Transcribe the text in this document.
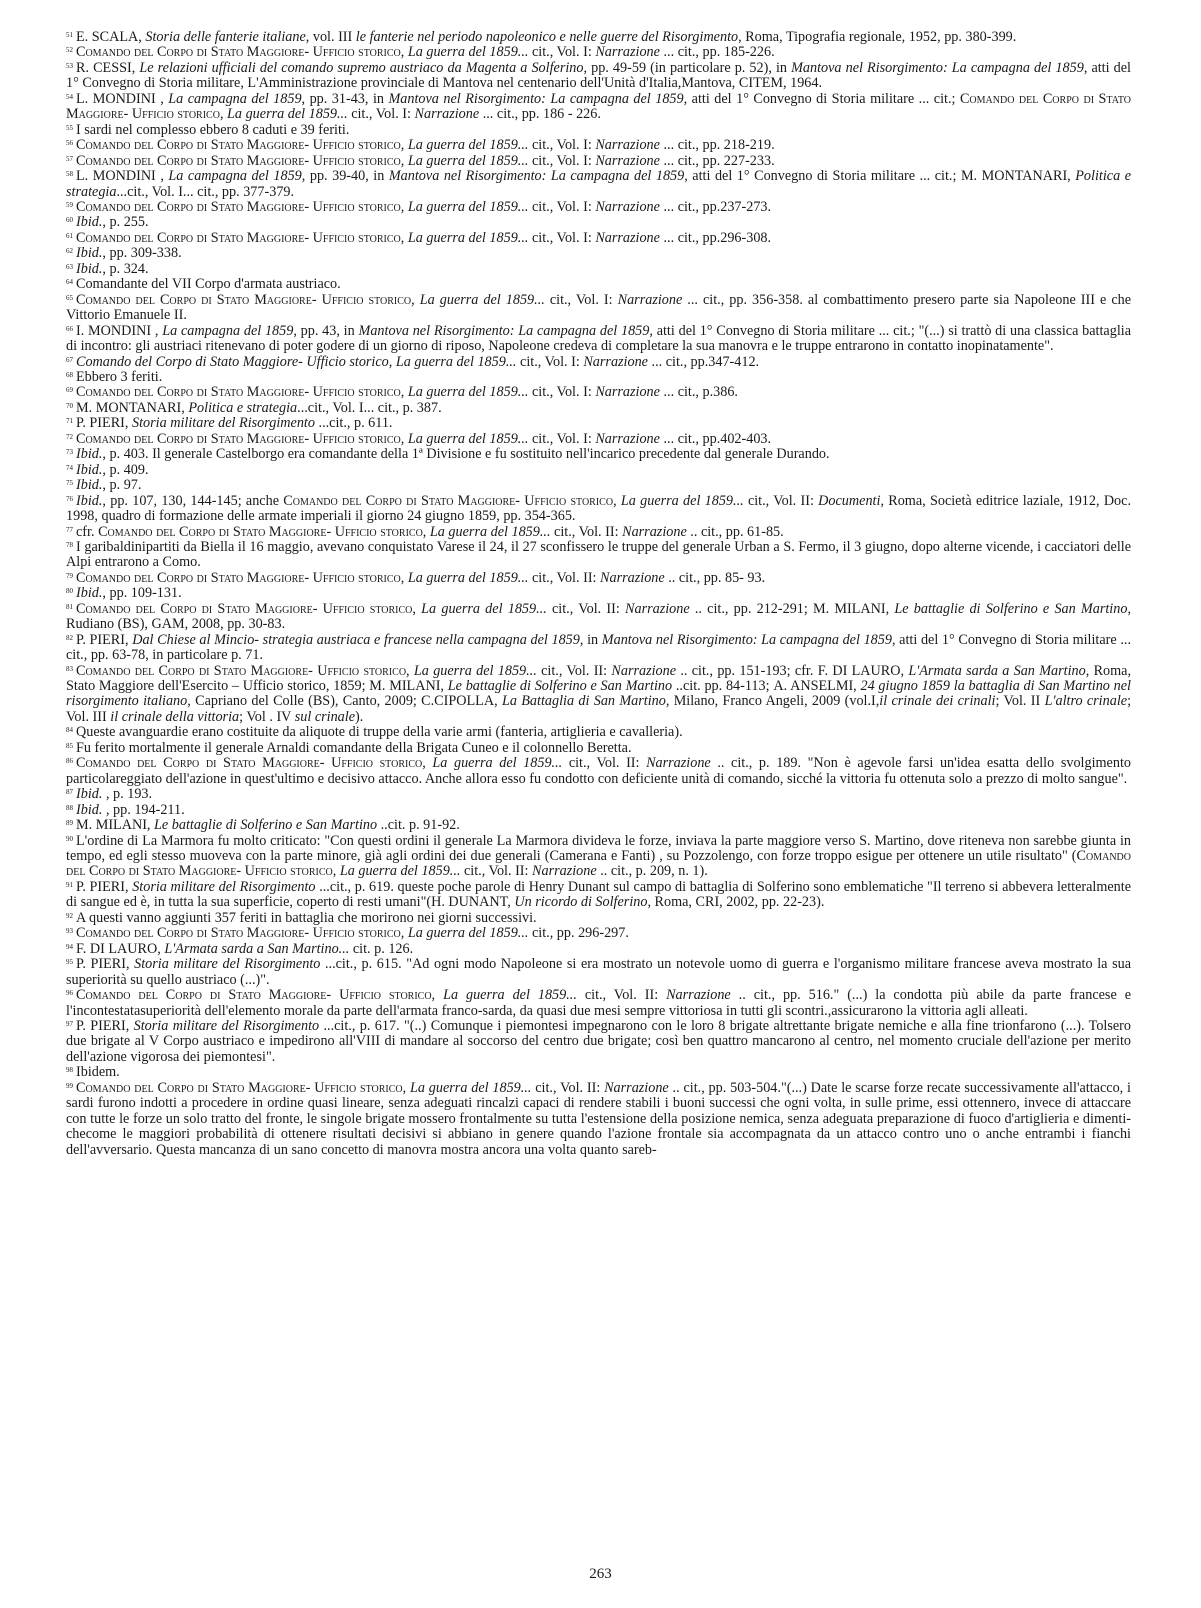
$^{51}$ E. SCALA, Storia delle fanterie italiane, vol. III le fanterie nel periodo napoleonico e nelle guerre del Risorgimento, Roma, Tipografia regionale, 1952, pp. 380-399.

$^{52}$ Comando del Corpo di Stato Maggiore- Ufficio storico, La guerra del 1859... cit., Vol. I: Narrazione ... cit., pp. 185-226.

$^{53}$ R. CESSI, Le relazioni ufficiali del comando supremo austriaco da Magenta a Solferino, pp. 49-59 (in particolare p. 52), in Mantova nel Risorgimento: La campagna del 1859, atti del 1° Convegno di Storia militare, L'Amministrazione provinciale di Mantova nel centenario dell'Unità d'Italia,Mantova, CITEM, 1964.

$^{54}$ L. MONDINI , La campagna del 1859, pp. 31-43, in Mantova nel Risorgimento: La campagna del 1859, atti del 1° Convegno di Storia militare ... cit.; Comando del Corpo di Stato Maggiore- Ufficio storico, La guerra del 1859... cit., Vol. I: Narrazione ... cit., pp. 186 - 226.

$^{55}$ I sardi nel complesso ebbero 8 caduti e 39 feriti.

$^{56}$ Comando del Corpo di Stato Maggiore- Ufficio storico, La guerra del 1859... cit., Vol. I: Narrazione ... cit., pp. 218-219.

$^{57}$ Comando del Corpo di Stato Maggiore- Ufficio storico, La guerra del 1859... cit., Vol. I: Narrazione ... cit., pp. 227-233.

$^{58}$ L. MONDINI , La campagna del 1859, pp. 39-40, in Mantova nel Risorgimento: La campagna del 1859, atti del 1° Convegno di Storia militare ... cit.; M. MONTANARI, Politica e strategia...cit., Vol. I... cit., pp. 377-379.

$^{59}$ Comando del Corpo di Stato Maggiore- Ufficio storico, La guerra del 1859... cit., Vol. I: Narrazione ... cit., pp.237-273.

$^{60}$ Ibid., p. 255.

$^{61}$ Comando del Corpo di Stato Maggiore- Ufficio storico, La guerra del 1859... cit., Vol. I: Narrazione ... cit., pp.296-308.

$^{62}$ Ibid., pp. 309-338.

$^{63}$ Ibid., p. 324.

$^{64}$ Comandante del VII Corpo d'armata austriaco.

$^{65}$ Comando del Corpo di Stato Maggiore- Ufficio storico, La guerra del 1859... cit., Vol. I: Narrazione ... cit., pp. 356-358. al combattimento presero parte sia Napoleone III e che Vittorio Emanuele II.

$^{66}$ I. MONDINI , La campagna del 1859, pp. 43, in Mantova nel Risorgimento: La campagna del 1859, atti del 1° Convegno di Storia militare ... cit.; "(...) si trattò di una classica battaglia di incontro: gli austriaci ritenevano di poter godere di un giorno di riposo, Napoleone credeva di completare la sua manovra e le truppe entrarono in contatto inopinatamente".

$^{67}$ Comando del Corpo di Stato Maggiore- Ufficio storico, La guerra del 1859... cit., Vol. I: Narrazione ... cit., pp.347-412.

$^{68}$ Ebbero 3 feriti.

$^{69}$ Comando del Corpo di Stato Maggiore- Ufficio storico, La guerra del 1859... cit., Vol. I: Narrazione ... cit., p.386.

$^{70}$ M. MONTANARI, Politica e strategia...cit., Vol. I... cit., p. 387.

$^{71}$ P. PIERI, Storia militare del Risorgimento ...cit., p. 611.

$^{72}$ Comando del Corpo di Stato Maggiore- Ufficio storico, La guerra del 1859... cit., Vol. I: Narrazione ... cit., pp.402-403.

$^{73}$ Ibid., p. 403. Il generale Castelborgo era comandante della 1ª Divisione e fu sostituito nell'incarico precedente dal generale Durando.

$^{74}$ Ibid., p. 409.

$^{75}$ Ibid., p. 97.

$^{76}$ Ibid., pp. 107, 130, 144-145; anche Comando del Corpo di Stato Maggiore- Ufficio storico, La guerra del 1859... cit., Vol. II: Documenti, Roma, Società editrice laziale, 1912, Doc. 1998, quadro di formazione delle armate imperiali il giorno 24 giugno 1859, pp. 354-365.

$^{77}$ cfr. Comando del Corpo di Stato Maggiore- Ufficio storico, La guerra del 1859... cit., Vol. II: Narrazione .. cit., pp. 61-85.

$^{78}$ I garibaldinipartiti da Biella il 16 maggio, avevano conquistato Varese il 24, il 27 sconfissero le truppe del generale Urban a S. Fermo, il 3 giugno, dopo alterne vicende, i cacciatori delle Alpi entrarono a Como.

$^{79}$ Comando del Corpo di Stato Maggiore- Ufficio storico, La guerra del 1859... cit., Vol. II: Narrazione .. cit., pp. 85- 93.

$^{80}$ Ibid., pp. 109-131.

$^{81}$ Comando del Corpo di Stato Maggiore- Ufficio storico, La guerra del 1859... cit., Vol. II: Narrazione .. cit., pp. 212-291; M. MILANI, Le battaglie di Solferino e San Martino, Rudiano (BS), GAM, 2008, pp. 30-83.

$^{82}$ P. PIERI, Dal Chiese al Mincio- strategia austriaca e francese nella campagna del 1859, in Mantova nel Risorgimento: La campagna del 1859, atti del 1° Convegno di Storia militare ... cit., pp. 63-78, in particolare p. 71.

$^{83}$ Comando del Corpo di Stato Maggiore- Ufficio storico, La guerra del 1859... cit., Vol. II: Narrazione .. cit., pp. 151-193; cfr. F. DI LAURO, L'Armata sarda a San Martino, Roma, Stato Maggiore dell'Esercito – Ufficio storico, 1859; M. MILANI, Le battaglie di Solferino e San Martino ..cit. pp. 84-113; A. ANSELMI, 24 giugno 1859 la battaglia di San Martino nel risorgimento italiano, Capriano del Colle (BS), Canto, 2009; C.CIPOLLA, La Battaglia di San Martino, Milano, Franco Angeli, 2009 (vol.I,il crinale dei crinali; Vol. II L'altro crinale; Vol. III il crinale della vittoria; Vol . IV sul crinale).

$^{84}$ Queste avanguardie erano costituite da aliquote di truppe della varie armi (fanteria, artiglieria e cavalleria).

$^{85}$ Fu ferito mortalmente il generale Arnaldi comandante della Brigata Cuneo e il colonnello Beretta.

$^{86}$ Comando del Corpo di Stato Maggiore- Ufficio storico, La guerra del 1859... cit., Vol. II: Narrazione .. cit., p. 189. "Non è agevole farsi un'idea esatta dello svolgimento particolareggiato dell'azione in quest'ultimo e decisivo attacco. Anche allora esso fu condotto con deficiente unità di comando, sicché la vittoria fu ottenuta solo a prezzo di molto sangue".

$^{87}$ Ibid. , p. 193.

$^{88}$ Ibid. , pp. 194-211.

$^{89}$ M. MILANI, Le battaglie di Solferino e San Martino ..cit. p. 91-92.

$^{90}$ L'ordine di La Marmora fu molto criticato: "Con questi ordini il generale La Marmora divideva le forze, inviava la parte maggiore verso S. Martino, dove riteneva non sarebbe giunta in tempo, ed egli stesso muoveva con la parte minore, già agli ordini dei due generali (Camerana e Fanti) , su Pozzolengo, con forze troppo esigue per ottenere un utile risultato" (Comando del Corpo di Stato Maggiore- Ufficio storico, La guerra del 1859... cit., Vol. II: Narrazione .. cit., p. 209, n. 1).

$^{91}$ P. PIERI, Storia militare del Risorgimento ...cit., p. 619. queste poche parole di Henry Dunant sul campo di battaglia di Solferino sono emblematiche "Il terreno si abbevera letteralmente di sangue ed è, in tutta la sua superficie, coperto di resti umani"(H. DUNANT, Un ricordo di Solferino, Roma, CRI, 2002, pp. 22-23).

$^{92}$ A questi vanno aggiunti 357 feriti in battaglia che morirono nei giorni successivi.

$^{93}$ Comando del Corpo di Stato Maggiore- Ufficio storico, La guerra del 1859... cit., pp. 296-297.

$^{94}$ F. DI LAURO, L'Armata sarda a San Martino... cit. p. 126.

$^{95}$ P. PIERI, Storia militare del Risorgimento ...cit., p. 615. "Ad ogni modo Napoleone si era mostrato un notevole uomo di guerra e l'organismo militare francese aveva mostrato la sua superiorità su quello austriaco (...)".

$^{96}$ Comando del Corpo di Stato Maggiore- Ufficio storico, La guerra del 1859... cit., Vol. II: Narrazione .. cit., pp. 516." (...) la condotta più abile da parte francese e l'incontestatasuperiorità dell'elemento morale da parte dell'armata franco-sarda, da quasi due mesi sempre vittoriosa in tutti gli scontri.,assicurarono la vittoria agli alleati.

$^{97}$ P. PIERI, Storia militare del Risorgimento ...cit., p. 617. "(..) Comunque i piemontesi impegnarono con le loro 8 brigate altrettante brigate nemiche e alla fine trionfarono (...). Tolsero due brigate al V Corpo austriaco e impedirono all'VIII di mandare al soccorso del centro due brigate; così ben quattro mancarono al centro, nel momento cruciale dell'azione per merito dell'azione vigorosa dei piemontesi".

$^{98}$ Ibidem.

$^{99}$ Comando del Corpo di Stato Maggiore- Ufficio storico, La guerra del 1859... cit., Vol. II: Narrazione .. cit., pp. 503-504."(...) Date le scarse forze recate successivamente all'attacco, i sardi furono indotti a procedere in ordine quasi lineare, senza adeguati rincalzi capaci di rendere stabili i buoni successi che ogni volta, in sulle prime, essi ottennero, invece di attaccare con tutte le forze un solo tratto del fronte, le singole brigate mossero frontalmente su tutta l'estensione della posizione nemica, senza adeguata preparazione di fuoco d'artiglieria e dimenti-checome le maggiori probabilità di ottenere risultati decisivi si abbiano in genere quando l'azione frontale sia accompagnata da un attacco contro uno o anche entrambi i fianchi dell'avversario. Questa mancanza di un sano concetto di manovra mostra ancora una volta quanto sareb-

263
